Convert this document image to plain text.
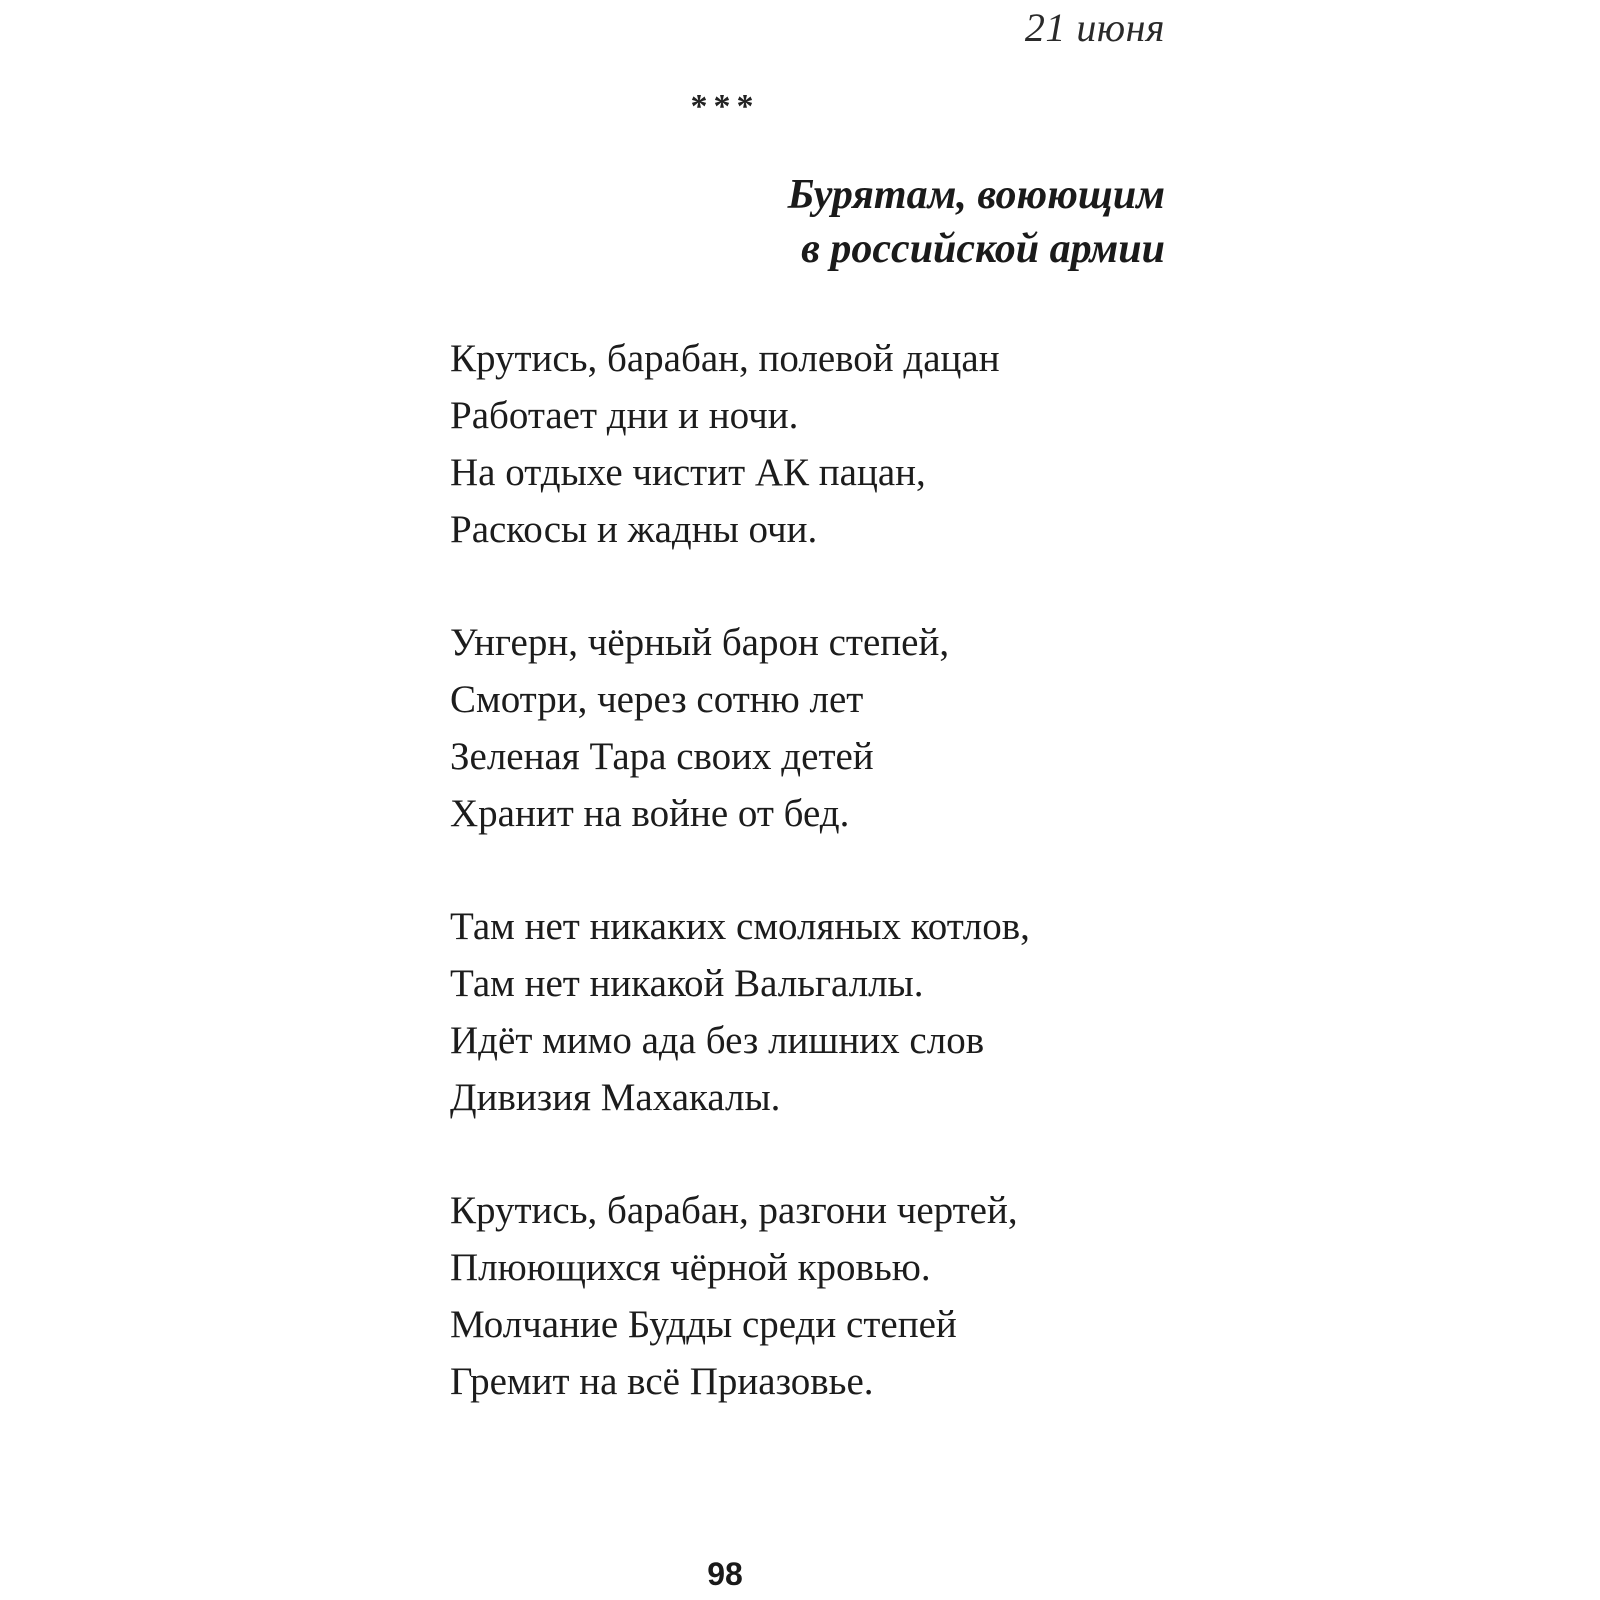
21 июня
***
Бурятам, воюющим
в российской армии
Крутись, барабан, полевой дацан
Работает дни и ночи.
На отдыхе чистит АК пацан,
Раскосы и жадны очи.
Унгерн, чёрный барон степей,
Смотри, через сотню лет
Зеленая Тара своих детей
Хранит на войне от бед.
Там нет никаких смоляных котлов,
Там нет никакой Вальгаллы.
Идёт мимо ада без лишних слов
Дивизия Махакалы.
Крутись, барабан, разгони чертей,
Плюющихся чёрной кровью.
Молчание Будды среди степей
Гремит на всё Приазовье.
98
